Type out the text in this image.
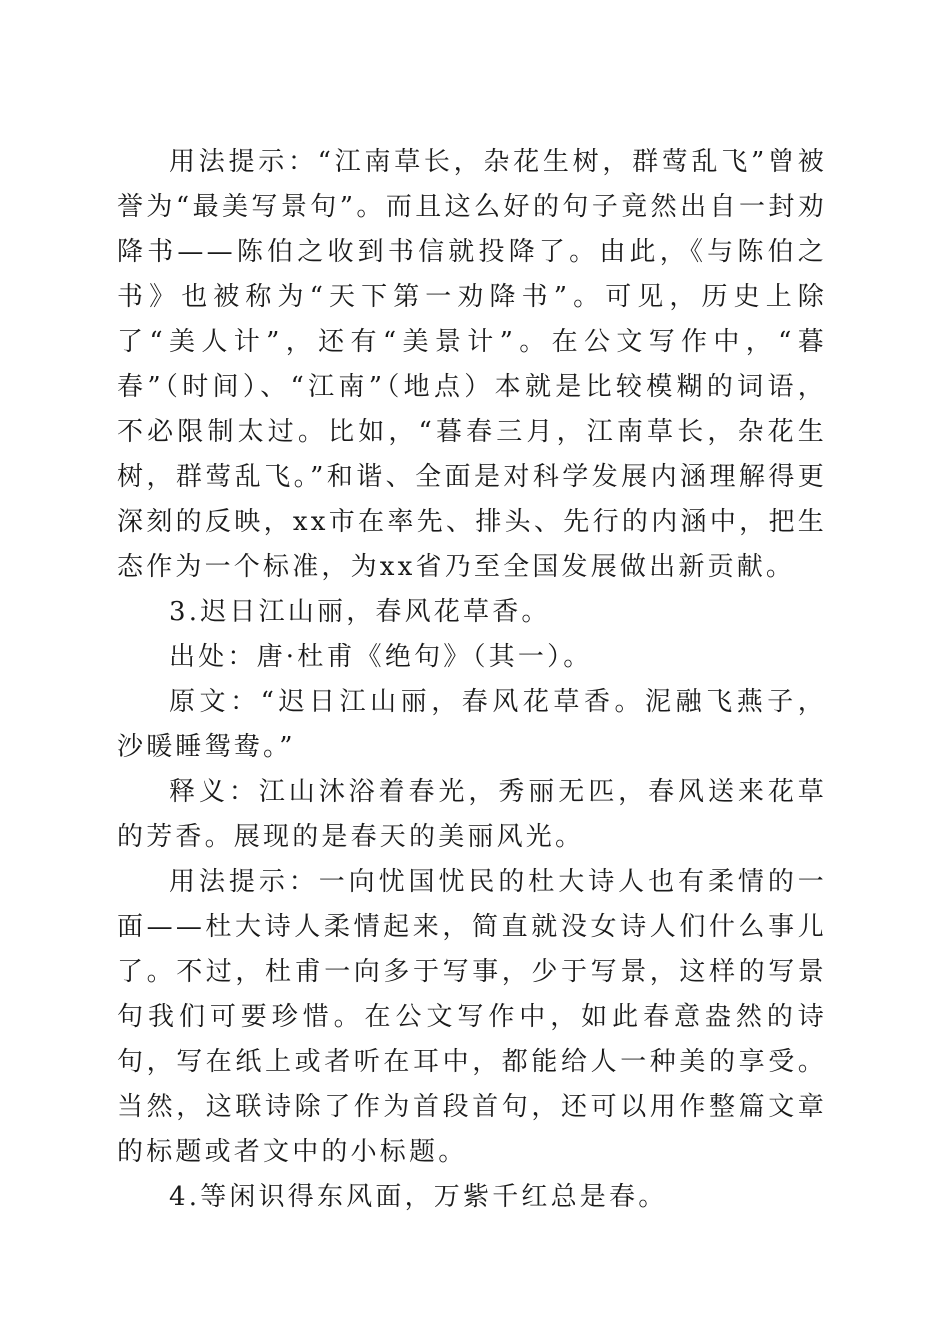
用法提示：“江南草长，杂花生树，群莺乱飞”曾被誉为“最美写景句”。而且这么好的句子竟然出自一封劝降书——陈伯之收到书信就投降了。由此，《与陈伯之书》也被称为“天下第一劝降书”。可见，历史上除了“美人计”，还有“美景计”。在公文写作中，“暮春”（时间）、“江南”（地点）本就是比较模糊的词语，不必限制太过。比如，“暮春三月，江南草长，杂花生树，群莺乱飞。”和谐、全面是对科学发展内涵理解得更深刻的反映，xx市在率先、排头、先行的内涵中，把生态作为一个标准，为xx省乃至全国发展做出新贡献。

3.迟日江山丽，春风花草香。

出处：唐·杜甫《绝句》（其一）。

原文：“迟日江山丽，春风花草香。泥融飞燕子，沙暖睡鸳鸯。”

释义：江山沐浴着春光，秀丽无匹，春风送来花草的芳香。展现的是春天的美丽风光。

用法提示：一向忧国忧民的杜大诗人也有柔情的一面——杜大诗人柔情起来，简直就没女诗人们什么事儿了。不过，杜甫一向多于写事，少于写景，这样的写景句我们可要珍惜。在公文写作中，如此春意盎然的诗句，写在纸上或者听在耳中，都能给人一种美的享受。当然，这联诗除了作为首段首句，还可以用作整篇文章的标题或者文中的小标题。

4.等闲识得东风面，万紫千红总是春。
